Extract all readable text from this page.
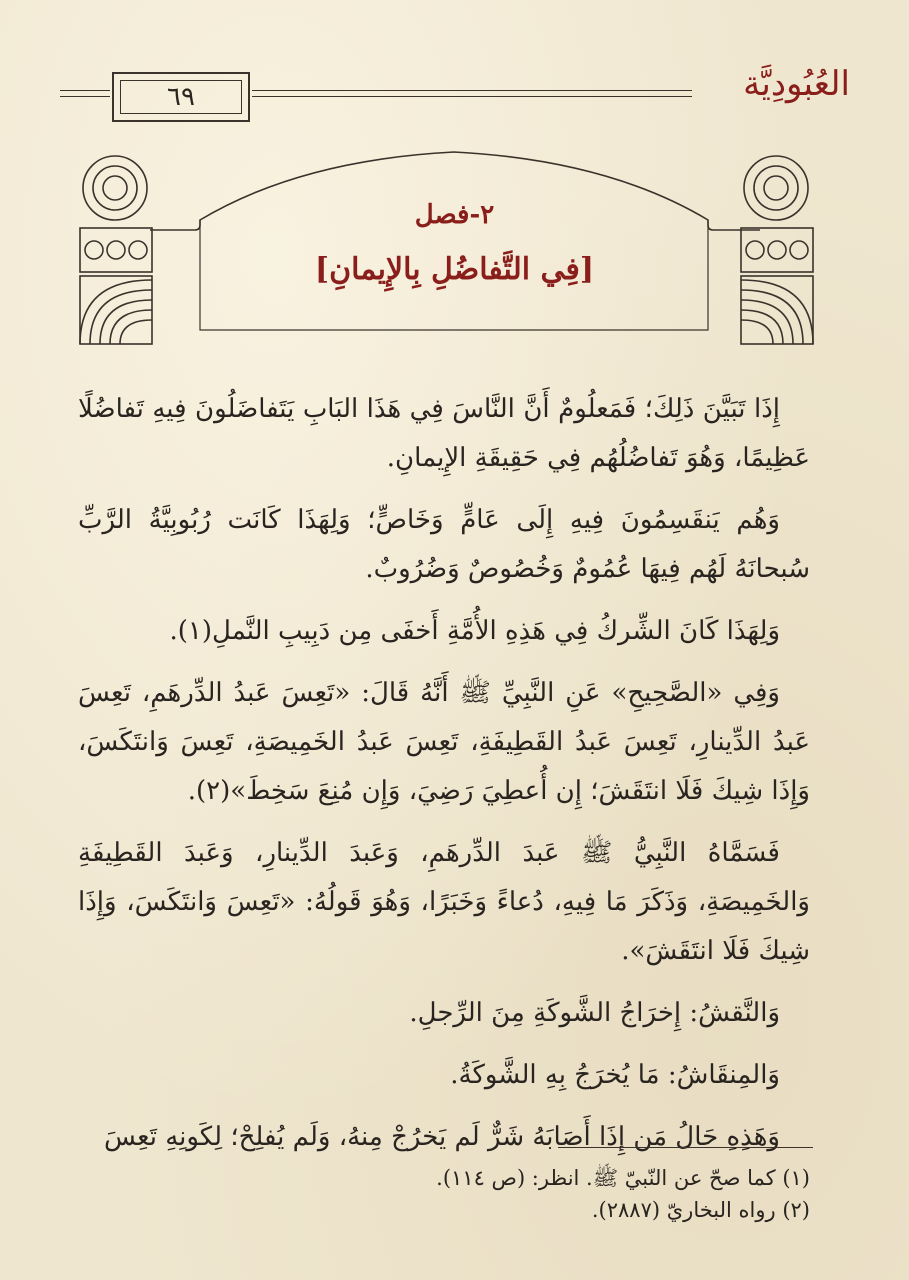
٦٩	العُبُودِيَّة
٢-فصل
[فِي التَّفاضُلِ بِالإِيمانِ]

إِذَا تَبَيَّنَ ذَلِكَ؛ فَمَعلُومٌ أَنَّ النَّاسَ فِي هَذَا البَابِ يَتَفاضَلُونَ فِيهِ تَفاضُلًا عَظِيمًا، وَهُوَ تَفاضُلُهُم فِي حَقِيقَةِ الإِيمانِ.

وَهُم يَنقَسِمُونَ فِيهِ إِلَى عَامٍّ وَخَاصٍّ؛ وَلِهَذَا كَانَت رُبُوبِيَّةُ الرَّبِّ سُبحانَهُ لَهُم فِيهَا عُمُومٌ وَخُصُوصٌ وَضُرُوبٌ.

وَلِهَذَا كَانَ الشِّركُ فِي هَذِهِ الأُمَّةِ أَخفَى مِن دَبِيبِ النَّملِ(١).

وَفِي «الصَّحِيحِ» عَنِ النَّبِيِّ ﷺ أَنَّهُ قَالَ: «تَعِسَ عَبدُ الدِّرهَمِ، تَعِسَ عَبدُ الدِّينارِ، تَعِسَ عَبدُ القَطِيفَةِ، تَعِسَ عَبدُ الخَمِيصَةِ، تَعِسَ وَانتَكَسَ، وَإِذَا شِيكَ فَلَا انتَقَشَ؛ إِن أُعطِيَ رَضِيَ، وَإِن مُنِعَ سَخِطَ»(٢).

فَسَمَّاهُ النَّبِيُّ ﷺ عَبدَ الدِّرهَمِ، وَعَبدَ الدِّينارِ، وَعَبدَ القَطِيفَةِ وَالخَمِيصَةِ، وَذَكَرَ مَا فِيهِ، دُعاءً وَخَبَرًا، وَهُوَ قَولُهُ: «تَعِسَ وَانتَكَسَ، وَإِذَا شِيكَ فَلَا انتَقَشَ».

وَالنَّقشُ: إِخرَاجُ الشَّوكَةِ مِنَ الرِّجلِ.

وَالمِنقَاشُ: مَا يُخرَجُ بِهِ الشَّوكَةُ.

وَهَذِهِ حَالُ مَن إِذَا أَصَابَهُ شَرٌّ لَم يَخرُجْ مِنهُ، وَلَم يُفلِحْ؛ لِكَونِهِ تَعِسَ

(١) كما صحّ عن النّبيّ ﷺ. انظر: (ص ١١٤).
(٢) رواه البخاريّ (٢٨٨٧).
